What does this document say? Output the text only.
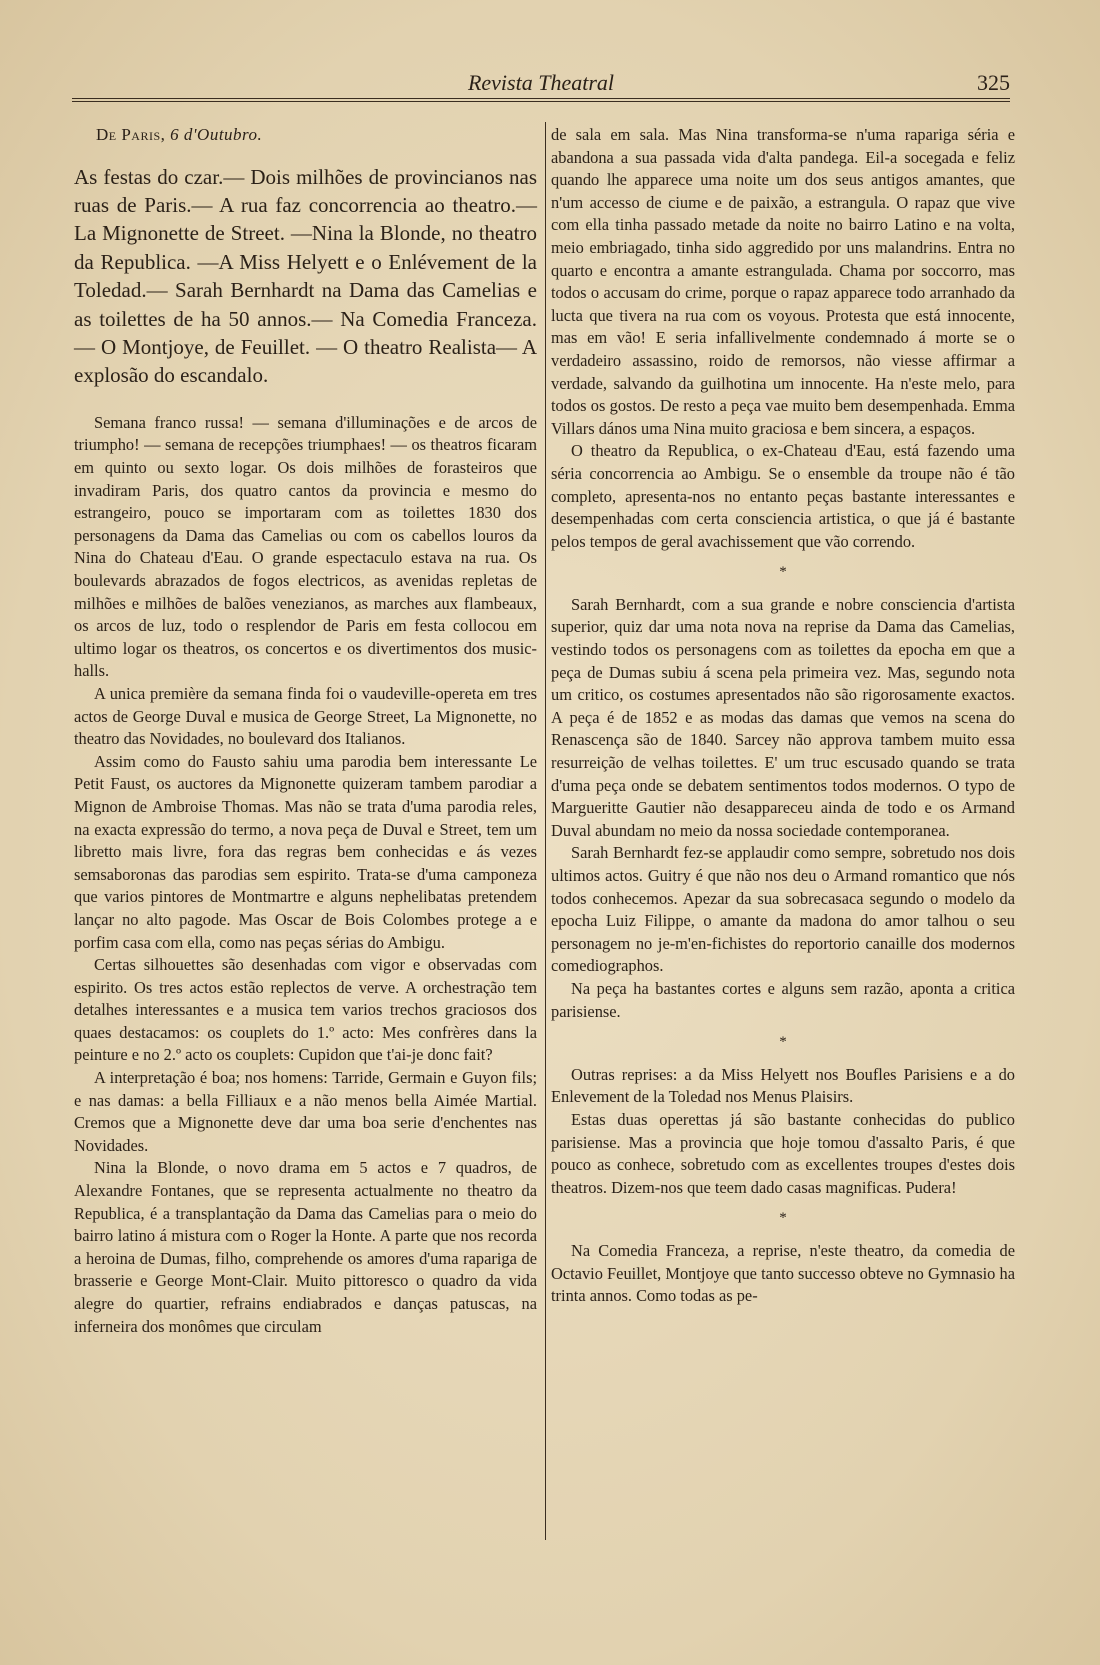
Revista Theatral	325
De Paris, 6 d'Outubro.
As festas do czar.— Dois milhões de provincianos nas ruas de Paris.— A rua faz concorrencia ao theatro.— La Mignonette de Street. —Nina la Blonde, no theatro da Republica. —A Miss Helyett e o Enlévement de la Toledad.— Sarah Bernhardt na Dama das Camelias e as toilettes de ha 50 annos.— Na Comedia Franceza.— O Montjoye, de Feuillet. — O theatro Realista— A explosão do escandalo.

Semana franco russa! — semana d'illuminações e de arcos de triumpho! — semana de recepções triumphaes! — os theatros ficaram em quinto ou sexto logar. Os dois milhões de forasteiros que invadiram Paris, dos quatro cantos da provincia e mesmo do estrangeiro, pouco se importaram com as toilettes 1830 dos personagens da Dama das Camelias ou com os cabellos louros da Nina do Chateau d'Eau. O grande espectaculo estava na rua. Os boulevards abrazados de fogos electricos, as avenidas repletas de milhões e milhões de balões venezianos, as marches aux flambeaux, os arcos de luz, todo o resplendor de Paris em festa collocou em ultimo logar os theatros, os concertos e os divertimentos dos music-halls.

A unica première da semana finda foi o vaudeville-opereta em tres actos de George Duval e musica de George Street, La Mignonette, no theatro das Novidades, no boulevard dos Italianos.

Assim como do Fausto sahiu uma parodia bem interessante Le Petit Faust, os auctores da Mignonette quizeram tambem parodiar a Mignon de Ambroise Thomas. Mas não se trata d'uma parodia reles, na exacta expressão do termo, a nova peça de Duval e Street, tem um libretto mais livre, fora das regras bem conhecidas e ás vezes semsaboronas das parodias sem espirito. Trata-se d'uma camponeza que varios pintores de Montmartre e alguns nephelibatas pretendem lançar no alto pagode. Mas Oscar de Bois Colombes protege a e porfim casa com ella, como nas peças sérias do Ambigu.

Certas silhouettes são desenhadas com vigor e observadas com espirito. Os tres actos estão replectos de verve. A orchestração tem detalhes interessantes e a musica tem varios trechos graciosos dos quaes destacamos: os couplets do 1.º acto: Mes confrères dans la peinture e no 2.º acto os couplets: Cupidon que t'ai-je donc fait?

A interpretação é boa; nos homens: Tarride, Germain e Guyon fils; e nas damas: a bella Filliaux e a não menos bella Aimée Martial. Cremos que a Mignonette deve dar uma boa serie d'enchentes nas Novidades.

Nina la Blonde, o novo drama em 5 actos e 7 quadros, de Alexandre Fontanes, que se representa actualmente no theatro da Republica, é a transplantação da Dama das Camelias para o meio do bairro latino á mistura com o Roger la Honte. A parte que nos recorda a heroina de Dumas, filho, comprehende os amores d'uma rapariga de brasserie e George Mont-Clair. Muito pittoresco o quadro da vida alegre do quartier, refrains endiabrados e danças patuscas, na inferneira dos monômes que circulam

de sala em sala. Mas Nina transforma-se n'uma rapariga séria e abandona a sua passada vida d'alta pandega. Eil-a socegada e feliz quando lhe apparece uma noite um dos seus antigos amantes, que n'um accesso de ciume e de paixão, a estrangula. O rapaz que vive com ella tinha passado metade da noite no bairro Latino e na volta, meio embriagado, tinha sido aggredido por uns malandrins. Entra no quarto e encontra a amante estrangulada. Chama por soccorro, mas todos o accusam do crime, porque o rapaz apparece todo arranhado da lucta que tivera na rua com os voyous. Protesta que está innocente, mas em vão! E seria infallivelmente condemnado á morte se o verdadeiro assassino, roido de remorsos, não viesse affirmar a verdade, salvando da guilhotina um innocente. Ha n'este melo, para todos os gostos. De resto a peça vae muito bem desempenhada. Emma Villars dános uma Nina muito graciosa e bem sincera, a espaços.

O theatro da Republica, o ex-Chateau d'Eau, está fazendo uma séria concorrencia ao Ambigu. Se o ensemble da troupe não é tão completo, apresenta-nos no entanto peças bastante interessantes e desempenhadas com certa consciencia artistica, o que já é bastante pelos tempos de geral avachissement que vão correndo.

*

Sarah Bernhardt, com a sua grande e nobre consciencia d'artista superior, quiz dar uma nota nova na reprise da Dama das Camelias, vestindo todos os personagens com as toilettes da epocha em que a peça de Dumas subiu á scena pela primeira vez. Mas, segundo nota um critico, os costumes apresentados não são rigorosamente exactos. A peça é de 1852 e as modas das damas que vemos na scena do Renascença são de 1840. Sarcey não approva tambem muito essa resurreição de velhas toilettes. E' um truc escusado quando se trata d'uma peça onde se debatem sentimentos todos modernos. O typo de Margueritte Gautier não desappareceu ainda de todo e os Armand Duval abundam no meio da nossa sociedade contemporanea.

Sarah Bernhardt fez-se applaudir como sempre, sobretudo nos dois ultimos actos. Guitry é que não nos deu o Armand romantico que nós todos conhecemos. Apezar da sua sobrecasaca segundo o modelo da epocha Luiz Filippe, o amante da madona do amor talhou o seu personagem no je-m'en-fichistes do reportorio canaille dos modernos comediographos.

Na peça ha bastantes cortes e alguns sem razão, aponta a critica parisiense.

*

Outras reprises: a da Miss Helyett nos Boufles Parisiens e a do Enlevement de la Toledad nos Menus Plaisirs.

Estas duas operettas já são bastante conhecidas do publico parisiense. Mas a provincia que hoje tomou d'assalto Paris, é que pouco as conhece, sobretudo com as excellentes troupes d'estes dois theatros. Dizem-nos que teem dado casas magnificas. Pudera!

*

Na Comedia Franceza, a reprise, n'este theatro, da comedia de Octavio Feuillet, Montjoye que tanto successo obteve no Gymnasio ha trinta annos. Como todas as pe-
